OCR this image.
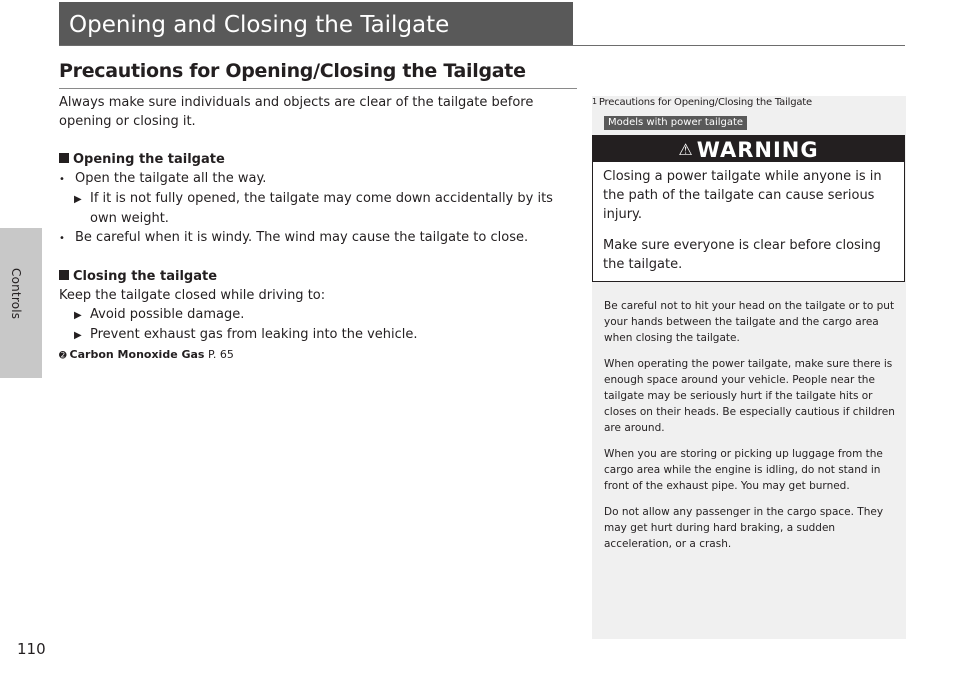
Controls
110
Opening and Closing the Tailgate
Precautions for Opening/Closing the Tailgate

Always make sure individuals and objects are clear of the tailgate before opening or closing it.

Opening the tailgate

• Open the tailgate all the way.

▶ If it is not fully opened, the tailgate may come down accidentally by its own weight.

• Be careful when it is windy. The wind may cause the tailgate to close.

Closing the tailgate

Keep the tailgate closed while driving to:

▶ Avoid possible damage.

▶ Prevent exhaust gas from leaking into the vehicle.

➋ Carbon Monoxide Gas P. 65

1 Precautions for Opening/Closing the Tailgate
Models with power tailgate
⚠ WARNING

Closing a power tailgate while anyone is in the path of the tailgate can cause serious injury.

Make sure everyone is clear before closing the tailgate.

Be careful not to hit your head on the tailgate or to put your hands between the tailgate and the cargo area when closing the tailgate.

When operating the power tailgate, make sure there is enough space around your vehicle. People near the tailgate may be seriously hurt if the tailgate hits or closes on their heads. Be especially cautious if children are around.

When you are storing or picking up luggage from the cargo area while the engine is idling, do not stand in front of the exhaust pipe. You may get burned.

Do not allow any passenger in the cargo space. They may get hurt during hard braking, a sudden acceleration, or a crash.
